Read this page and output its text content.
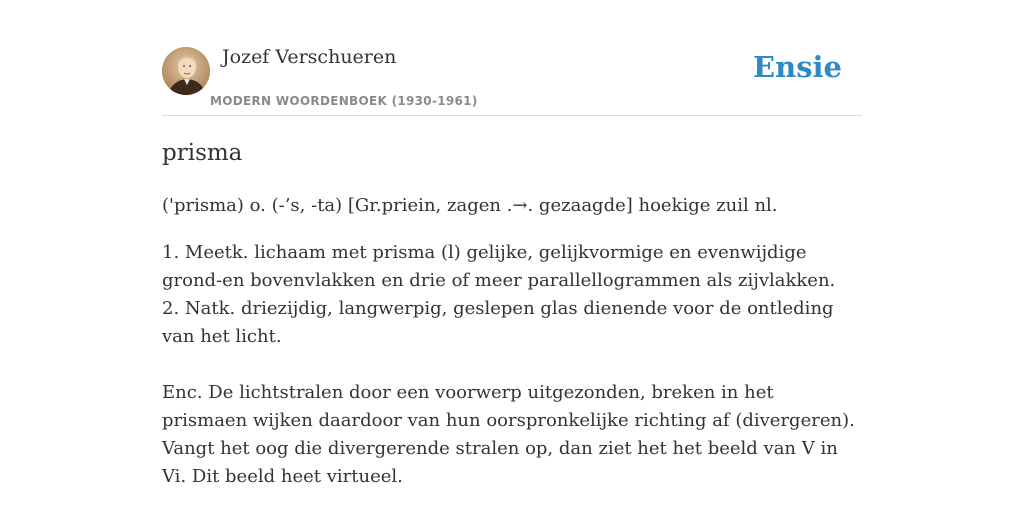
Jozef Verschueren
MODERN WOORDENBOEK (1930-1961)
Ensie
prisma
('prisma) o. (-’s, -ta) [Gr.priein, zagen .→. gezaagde] hoekige zuil nl.

1. Meetk. lichaam met prisma (l) gelijke, gelijkvormige en evenwijdige grond-en bovenvlakken en drie of meer parallellogrammen als zijvlakken.

2. Natk. driezijdig, langwerpig, geslepen glas dienende voor de ontleding van het licht.

Enc. De lichtstralen door een voorwerp uitgezonden, breken in het prismaen wijken daardoor van hun oorspronkelijke richting af (divergeren). Vangt het oog die divergerende stralen op, dan ziet het het beeld van V in Vi. Dit beeld heet virtueel.
